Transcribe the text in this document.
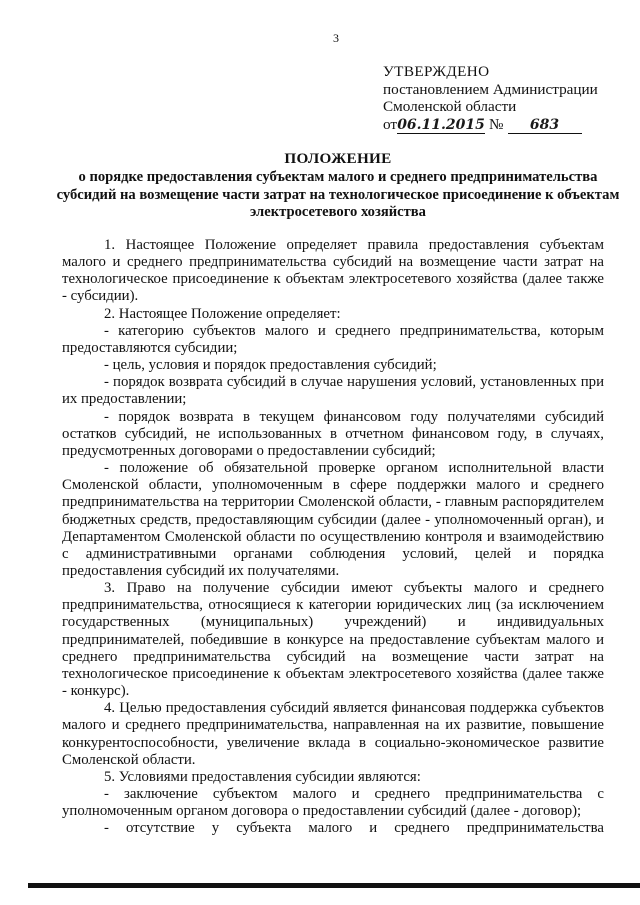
3
УТВЕРЖДЕНО
постановлением Администрации
Смоленской области
от06.11.2015 № 683
ПОЛОЖЕНИЕ
о порядке предоставления субъектам малого и среднего предпринимательства субсидий на возмещение части затрат на технологическое присоединение к объектам электросетевого хозяйства

1. Настоящее Положение определяет правила предоставления субъектам малого и среднего предпринимательства субсидий на возмещение части затрат на технологическое присоединение к объектам электросетевого хозяйства (далее также - субсидии).

2. Настоящее Положение определяет:

- категорию субъектов малого и среднего предпринимательства, которым предоставляются субсидии;

- цель, условия и порядок предоставления субсидий;

- порядок возврата субсидий в случае нарушения условий, установленных при их предоставлении;

- порядок возврата в текущем финансовом году получателями субсидий остатков субсидий, не использованных в отчетном финансовом году, в случаях, предусмотренных договорами о предоставлении субсидий;

- положение об обязательной проверке органом исполнительной власти Смоленской области, уполномоченным в сфере поддержки малого и среднего предпринимательства на территории Смоленской области, - главным распорядителем бюджетных средств, предоставляющим субсидии (далее - уполномоченный орган), и Департаментом Смоленской области по осуществлению контроля и взаимодействию с административными органами соблюдения условий, целей и порядка предоставления субсидий их получателями.

3. Право на получение субсидии имеют субъекты малого и среднего предпринимательства, относящиеся к категории юридических лиц (за исключением государственных (муниципальных) учреждений) и индивидуальных предпринимателей, победившие в конкурсе на предоставление субъектам малого и среднего предпринимательства субсидий на возмещение части затрат на технологическое присоединение к объектам электросетевого хозяйства (далее также - конкурс).

4. Целью предоставления субсидий является финансовая поддержка субъектов малого и среднего предпринимательства, направленная на их развитие, повышение конкурентоспособности, увеличение вклада в социально-экономическое развитие Смоленской области.

5. Условиями предоставления субсидии являются:

- заключение субъектом малого и среднего предпринимательства с уполномоченным органом договора о предоставлении субсидий (далее - договор);

- отсутствие у субъекта малого и среднего предпринимательства
